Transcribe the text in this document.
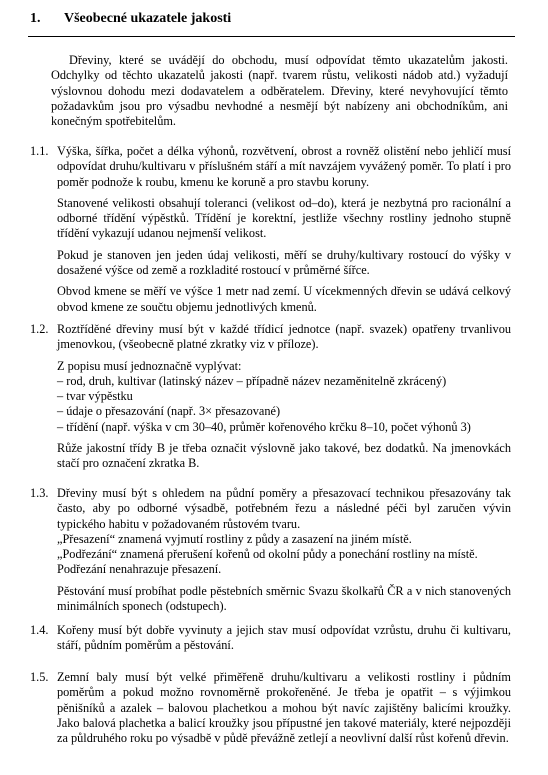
1. Všeobecné ukazatele jakosti

Dřeviny, které se uvádějí do obchodu, musí odpovídat těmto ukazatelům jakosti. Odchylky od těchto ukazatelů jakosti (např. tvarem růstu, velikosti nádob atd.) vyžadují výslovnou dohodu mezi dodavatelem a odběratelem. Dřeviny, které nevyhovující těmto požadavkům jsou pro výsadbu nevhodné a nesmějí být nabízeny ani obchodníkům, ani konečným spotřebitelům.

1.1. Výška, šířka, počet a délka výhonů, rozvětvení, obrost a rovněž olistění nebo jehličí musí odpovídat druhu/kultivaru v příslušném stáří a mít navzájem vyvážený poměr. To platí i pro poměr podnože k roubu, kmenu ke koruně a pro stavbu koruny.

Stanovené velikosti obsahují toleranci (velikost od–do), která je nezbytná pro racionální a odborné třídění výpěstků. Třídění je korektní, jestliže všechny rostliny jednoho stupně třídění vykazují udanou nejmenší velikost.

Pokud je stanoven jen jeden údaj velikosti, měří se druhy/kultivary rostoucí do výšky v dosažené výšce od země a rozkladité rostoucí v průměrné šířce.

Obvod kmene se měří ve výšce 1 metr nad zemí. U vícekmenných dřevin se udává celkový obvod kmene ze součtu objemu jednotlivých kmenů.

1.2. Roztříděné dřeviny musí být v každé třídicí jednotce (např. svazek) opatřeny trvanlivou jmenovkou, (všeobecně platné zkratky viz v příloze).

Z popisu musí jednoznačně vyplývat:

– rod, druh, kultivar (latinský název – případně název nezaměnitelně zkrácený)

– tvar výpěstku

– údaje o přesazování (např. 3× přesazované)

– třídění (např. výška v cm 30–40, průměr kořenového krčku 8–10, počet výhonů 3)

Růže jakostní třídy B je třeba označit výslovně jako takové, bez dodatků. Na jmenovkách stačí pro označení zkratka B.

1.3. Dřeviny musí být s ohledem na půdní poměry a přesazovací technikou přesazovány tak často, aby po odborné výsadbě, potřebném řezu a následné péči byl zaručen vývin typického habitu v požadovaném růstovém tvaru.

„Přesazení“ znamená vyjmutí rostliny z půdy a zasazení na jiném místě.

„Podřezání“ znamená přerušení kořenů od okolní půdy a ponechání rostliny na místě.

Podřezání nenahrazuje přesazení.

Pěstování musí probíhat podle pěstebních směrnic Svazu školkařů ČR a v nich stanovených minimálních sponech (odstupech).

1.4. Kořeny musí být dobře vyvinuty a jejich stav musí odpovídat vzrůstu, druhu či kultivaru, stáří, půdním poměrům a pěstování.

1.5. Zemní baly musí být velké přiměřeně druhu/kultivaru a velikosti rostliny i půdním poměrům a pokud možno rovnoměrně prokořeněné. Je třeba je opatřit – s výjimkou pěnišníků a azalek – balovou plachetkou a mohou být navíc zajištěny balicími kroužky. Jako balová plachetka a balicí kroužky jsou přípustné jen takové materiály, které nejpozději za půldruhého roku po výsadbě v půdě převážně zetlejí a neovlivní další růst kořenů dřevin.
